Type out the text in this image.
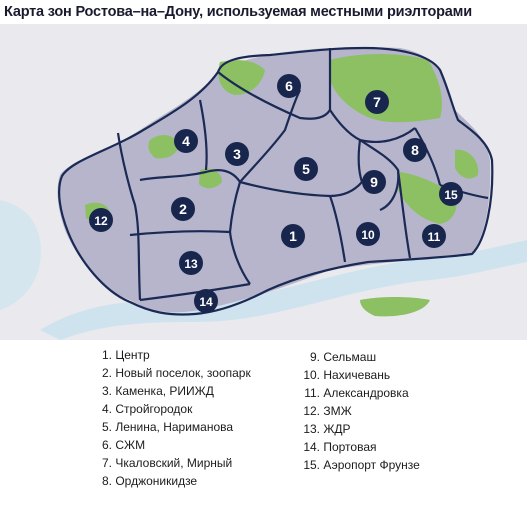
Карта зон Ростова–на–Дону, используемая местными риэлторами
1
2
3
4
5
6
7
8
9
10	11
12
13
14
15
1. Центр
2. Новый поселок, зоопарк
3. Каменка, РИИЖД
4. Стройгородок
5. Ленина, Нариманова
6. СЖМ
7. Чкаловский, Мирный
8. Орджоникидзе
9. Сельмаш
10. Нахичевань
11. Александровка
12. ЗМЖ
13. ЖДР
14. Портовая
15. Аэропорт Фрунзе
